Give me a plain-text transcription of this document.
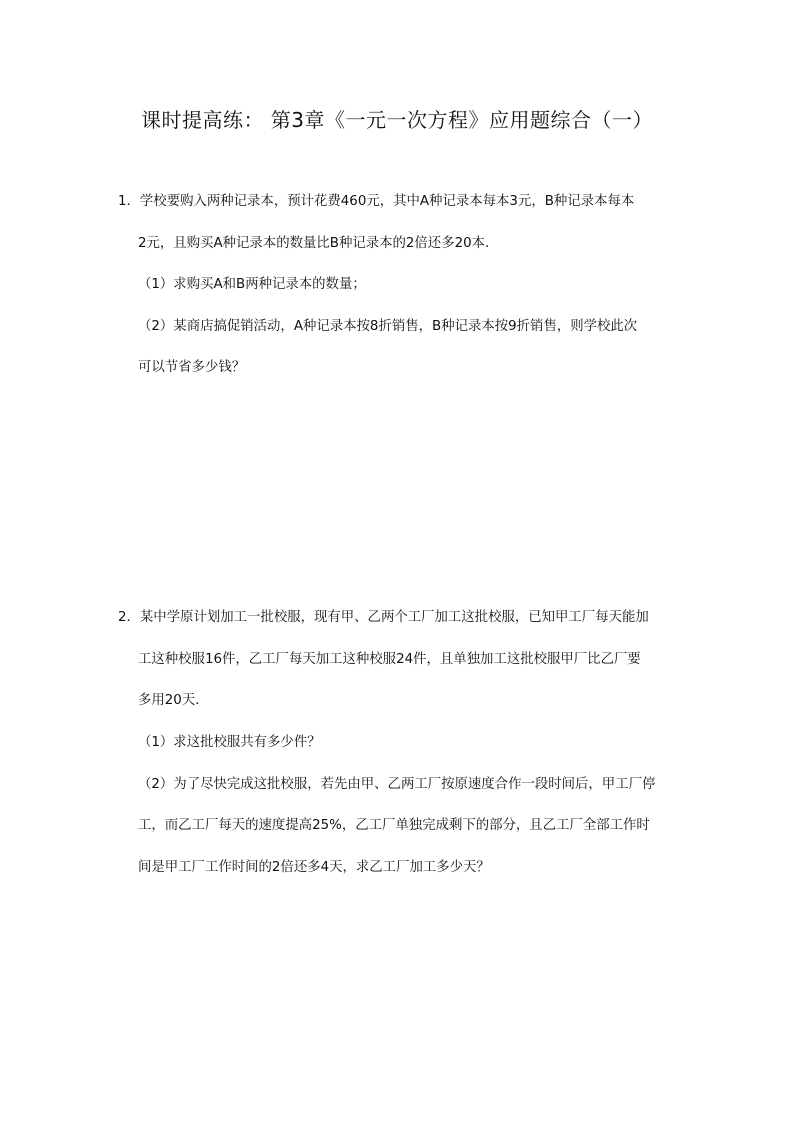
课时提高练： 第3章《一元一次方程》应用题综合（一）
1．学校要购入两种记录本，预计花费460元，其中A种记录本每本3元，B种记录本每本
2元，且购买A种记录本的数量比B种记录本的2倍还多20本．
（1）求购买A和B两种记录本的数量；
（2）某商店搞促销活动，A种记录本按8折销售，B种记录本按9折销售，则学校此次
可以节省多少钱？
2．某中学原计划加工一批校服，现有甲、乙两个工厂加工这批校服，已知甲工厂每天能加
工这种校服16件，乙工厂每天加工这种校服24件，且单独加工这批校服甲厂比乙厂要
多用20天．
（1）求这批校服共有多少件？
（2）为了尽快完成这批校服，若先由甲、乙两工厂按原速度合作一段时间后，甲工厂停
工，而乙工厂每天的速度提高25%，乙工厂单独完成剩下的部分，且乙工厂全部工作时
间是甲工厂工作时间的2倍还多4天，求乙工厂加工多少天？
